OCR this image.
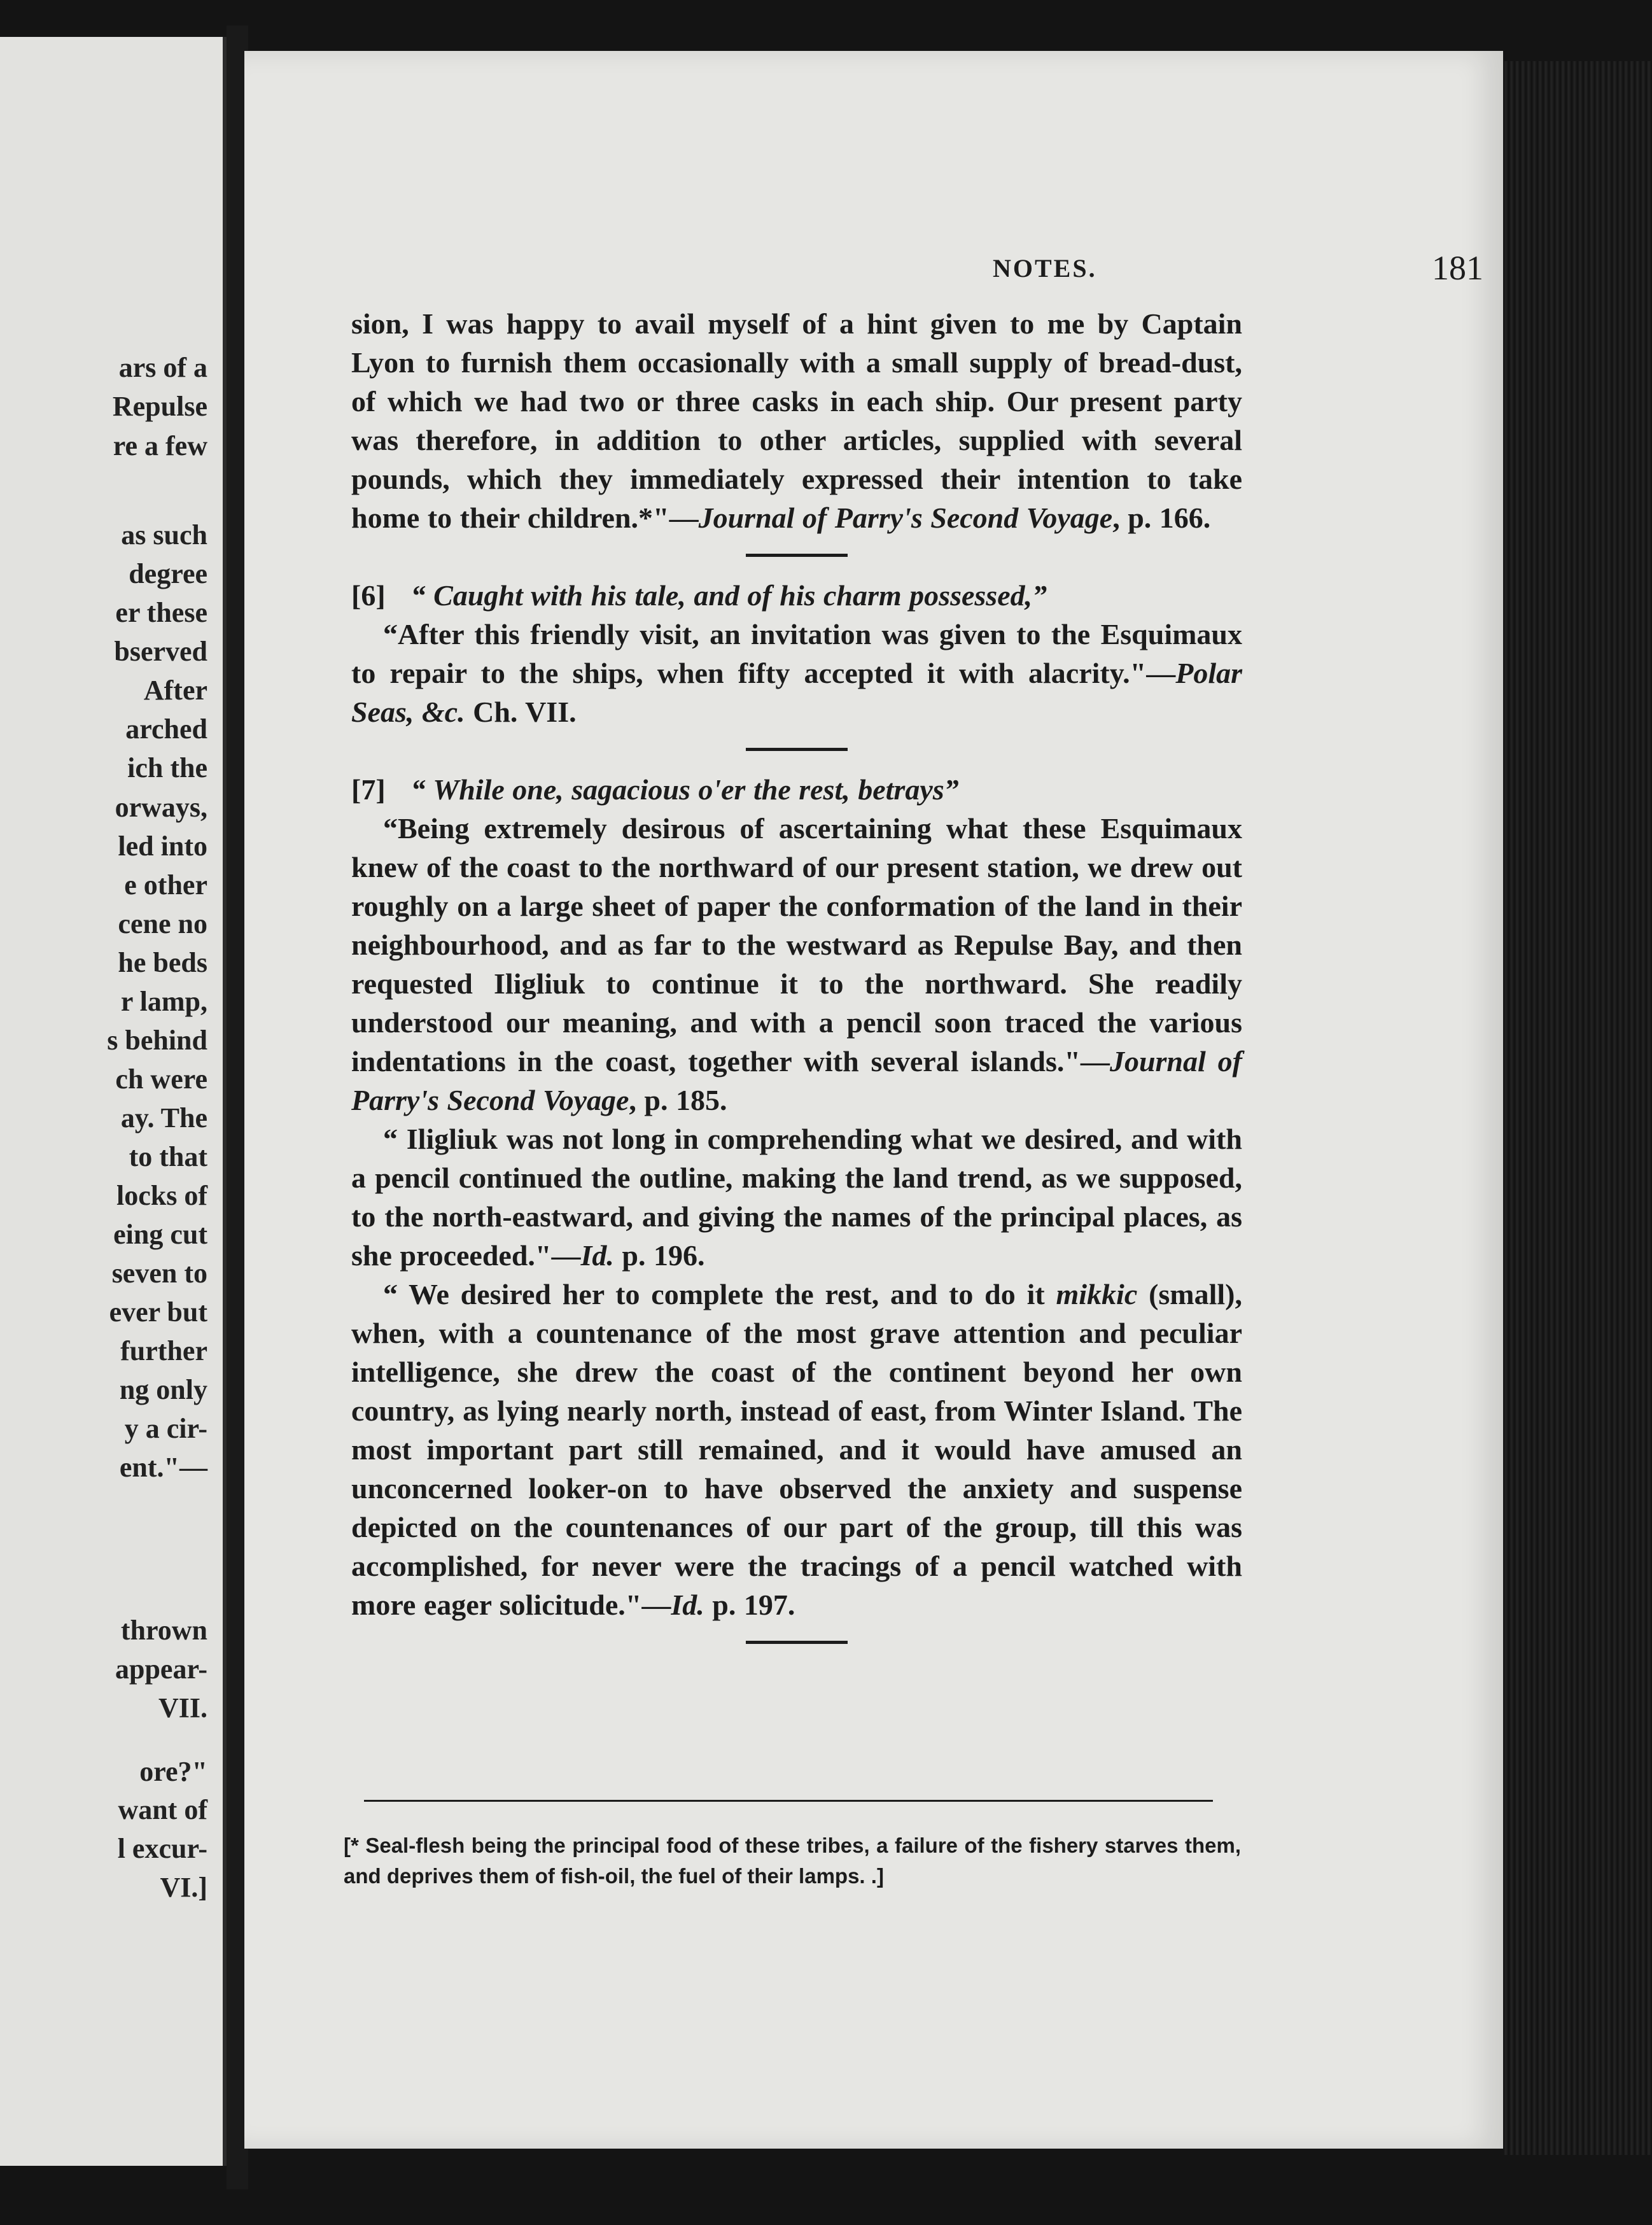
ars of a
Repulse
re a few
as such
degree
er these
bserved
After
arched
ich the
orways,
led into
e other
cene no
he beds
r lamp,
s behind
ch were
ay. The
to that
locks of
eing cut
seven to
ever but
further
ng only
y a cir-
ent."—
thrown
appear-
VII.
ore?"
want of
l excur-
VI.]
NOTES.	181

sion, I was happy to avail myself of a hint given to me by Captain Lyon to furnish them occasionally with a small supply of bread-dust, of which we had two or three casks in each ship. Our present party was therefore, in addition to other articles, supplied with several pounds, which they immediately expressed their intention to take home to their children.*"—Journal of Parry's Second Voyage, p. 166.

[6] “ Caught with his tale, and of his charm possessed,”

“After this friendly visit, an invitation was given to the Esquimaux to repair to the ships, when fifty accepted it with alacrity."—Polar Seas, &c. Ch. VII.

[7] “ While one, sagacious o'er the rest, betrays”

“Being extremely desirous of ascertaining what these Esquimaux knew of the coast to the northward of our present station, we drew out roughly on a large sheet of paper the conformation of the land in their neighbourhood, and as far to the westward as Repulse Bay, and then requested Iligliuk to continue it to the northward. She readily understood our meaning, and with a pencil soon traced the various indentations in the coast, together with several islands."—Journal of Parry's Second Voyage, p. 185.

“ Iligliuk was not long in comprehending what we desired, and with a pencil continued the outline, making the land trend, as we supposed, to the north-eastward, and giving the names of the principal places, as she proceeded."—Id. p. 196.

“ We desired her to complete the rest, and to do it mikkic (small), when, with a countenance of the most grave attention and peculiar intelligence, she drew the coast of the continent beyond her own country, as lying nearly north, instead of east, from Winter Island. The most important part still remained, and it would have amused an unconcerned looker-on to have observed the anxiety and suspense depicted on the countenances of our part of the group, till this was accomplished, for never were the tracings of a pencil watched with more eager solicitude."—Id. p. 197.

[* Seal-flesh being the principal food of these tribes, a failure of the fishery starves them, and deprives them of fish-oil, the fuel of their lamps. .]
